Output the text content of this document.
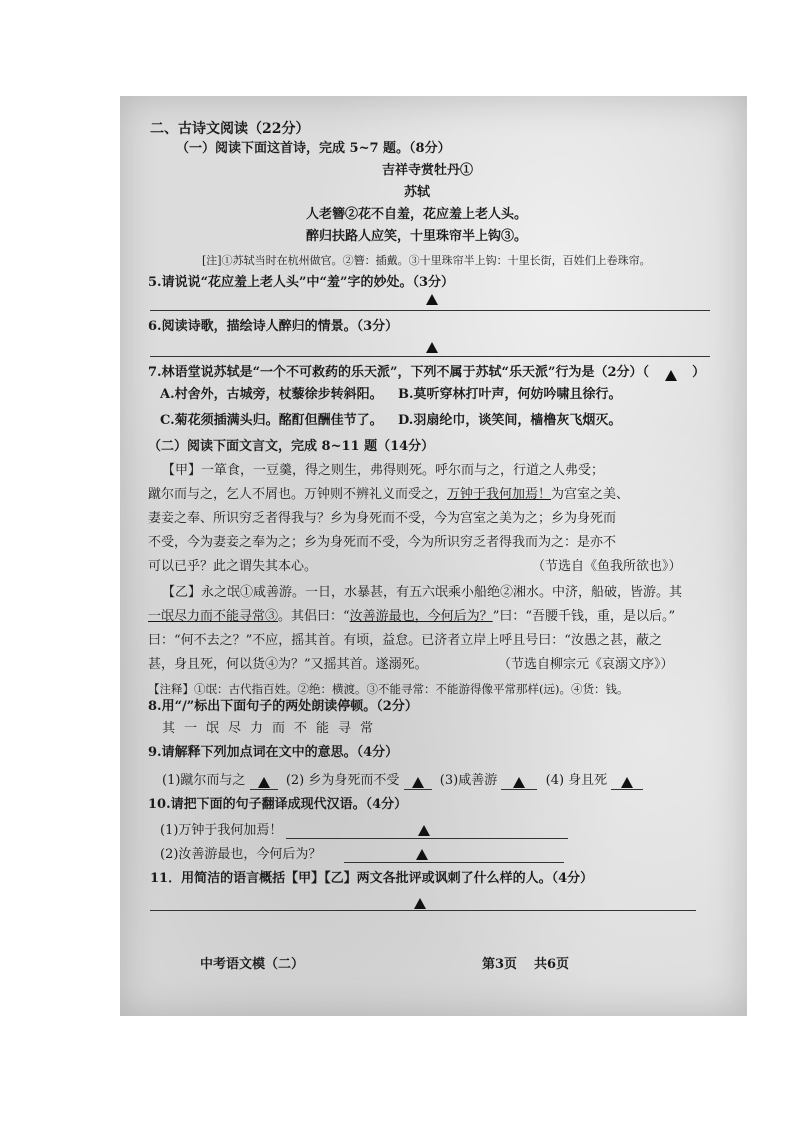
二、古诗文阅读（22分）
（一）阅读下面这首诗，完成 5~7 题。（8分）
吉祥寺赏牡丹①
苏轼
人老簪②花不自羞，花应羞上老人头。
醉归扶路人应笑，十里珠帘半上钩③。
[注]①苏轼当时在杭州做官。②簪：插戴。③十里珠帘半上钩：十里长街，百姓们上卷珠帘。
5.请说说“花应羞上老人头”中“羞”字的妙处。（3分）
6.阅读诗歌，描绘诗人醉归的情景。（3分）
7.林语堂说苏轼是“一个不可救药的乐天派”，下列不属于苏轼“乐天派”行为是（2分）（	）
A.村舍外，古城旁，杖藜徐步转斜阳。 B.莫听穿林打叶声，何妨吟啸且徐行。
C.菊花须插满头归。酩酊但酬佳节了。 D.羽扇纶巾，谈笑间，樯橹灰飞烟灭。
（二）阅读下面文言文，完成 8~11 题（14分）
【甲】一箪食，一豆羹，得之则生，弗得则死。呼尔而与之，行道之人弗受；
蹴尔而与之，乞人不屑也。万钟则不辨礼义而受之，万钟于我何加焉！为宫室之美、
妻妾之奉、所识穷乏者得我与？乡为身死而不受，今为宫室之美为之；乡为身死而
不受，今为妻妾之奉为之；乡为身死而不受，今为所识穷乏者得我而为之：是亦不
可以已乎？此之谓失其本心。	（节选自《鱼我所欲也》）
【乙】永之氓①咸善游。一日，水暴甚，有五六氓乘小船绝②湘水。中济，船破，皆游。其
一氓尽力而不能寻常③。其侣曰：“汝善游最也，今何后为？”曰：“吾腰千钱，重，是以后。”
曰：“何不去之？”不应，摇其首。有顷，益怠。已济者立岸上呼且号曰：“汝愚之甚，蔽之
甚，身且死，何以货④为？”又摇其首。遂溺死。	（节选自柳宗元《哀溺文序》）
【注释】①氓：古代指百姓。②绝：横渡。③不能寻常：不能游得像平常那样(远)。④货：钱。
8.用“/”标出下面句子的两处朗读停顿。（2分）
其一氓尽力而不能寻常
9.请解释下列加点词在文中的意思。（4分）
(1)蹴尔而与之	(2) 乡为身死而不受	(3)咸善游	(4) 身且死
10.请把下面的句子翻译成现代汉语。（4分）
(1)万钟于我何加焉！
(2)汝善游最也，今何后为？
11．用简洁的语言概括【甲】【乙】两文各批评或讽刺了什么样的人。（4分）
中考语文模（二）	第3页 共6页
